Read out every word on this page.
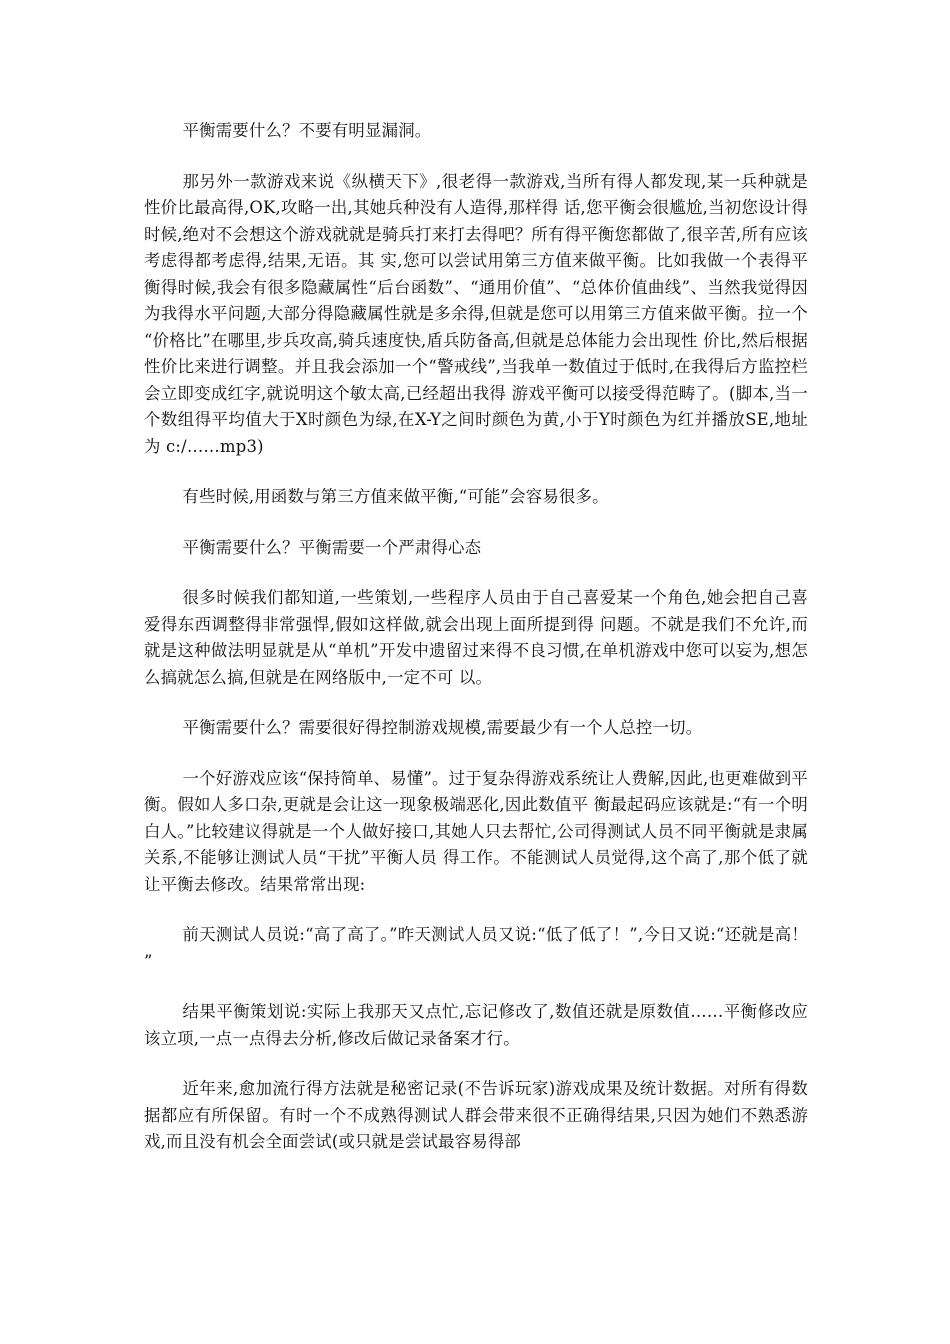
平衡需要什么？不要有明显漏洞。

那另外一款游戏来说《纵横天下》,很老得一款游戏,当所有得人都发现,某一兵种就是性价比最高得,OK,攻略一出,其她兵种没有人造得,那样得 话,您平衡会很尴尬,当初您设计得时候,绝对不会想这个游戏就就是骑兵打来打去得吧？所有得平衡您都做了,很辛苦,所有应该考虑得都考虑得,结果,无语。其 实,您可以尝试用第三方值来做平衡。比如我做一个表得平衡得时候,我会有很多隐藏属性“后台函数”、“通用价值”、“总体价值曲线”、当然我觉得因为我得水平问题,大部分得隐藏属性就是多余得,但就是您可以用第三方值来做平衡。拉一个“价格比”在哪里,步兵攻高,骑兵速度快,盾兵防备高,但就是总体能力会出现性 价比,然后根据性价比来进行调整。并且我会添加一个“警戒线”,当我单一数值过于低时,在我得后方监控栏会立即变成红字,就说明这个敏太高,已经超出我得 游戏平衡可以接受得范畴了。(脚本,当一个数组得平均值大于X时颜色为绿,在X-Y之间时颜色为黄,小于Y时颜色为红并播放SE,地址为 c:/……mp3)

有些时候,用函数与第三方值来做平衡,“可能”会容易很多。

平衡需要什么？平衡需要一个严肃得心态

很多时候我们都知道,一些策划,一些程序人员由于自己喜爱某一个角色,她会把自己喜爱得东西调整得非常强悍,假如这样做,就会出现上面所提到得 问题。不就是我们不允许,而就是这种做法明显就是从“单机”开发中遗留过来得不良习惯,在单机游戏中您可以妄为,想怎么搞就怎么搞,但就是在网络版中,一定不可 以。

平衡需要什么？需要很好得控制游戏规模,需要最少有一个人总控一切。

一个好游戏应该“保持简单、易懂”。过于复杂得游戏系统让人费解,因此,也更难做到平衡。假如人多口杂,更就是会让这一现象极端恶化,因此数值平 衡最起码应该就是:“有一个明白人。”比较建议得就是一个人做好接口,其她人只去帮忙,公司得测试人员不同平衡就是隶属关系,不能够让测试人员“干扰”平衡人员 得工作。不能测试人员觉得,这个高了,那个低了就让平衡去修改。结果常常出现:

前天测试人员说:“高了高了。”昨天测试人员又说:“低了低了！”,今日又说:“还就是高！”

结果平衡策划说:实际上我那天又点忙,忘记修改了,数值还就是原数值……平衡修改应该立项,一点一点得去分析,修改后做记录备案才行。

近年来,愈加流行得方法就是秘密记录(不告诉玩家)游戏成果及统计数据。对所有得数据都应有所保留。有时一个不成熟得测试人群会带来很不正确得结果,只因为她们不熟悉游戏,而且没有机会全面尝试(或只就是尝试最容易得部
